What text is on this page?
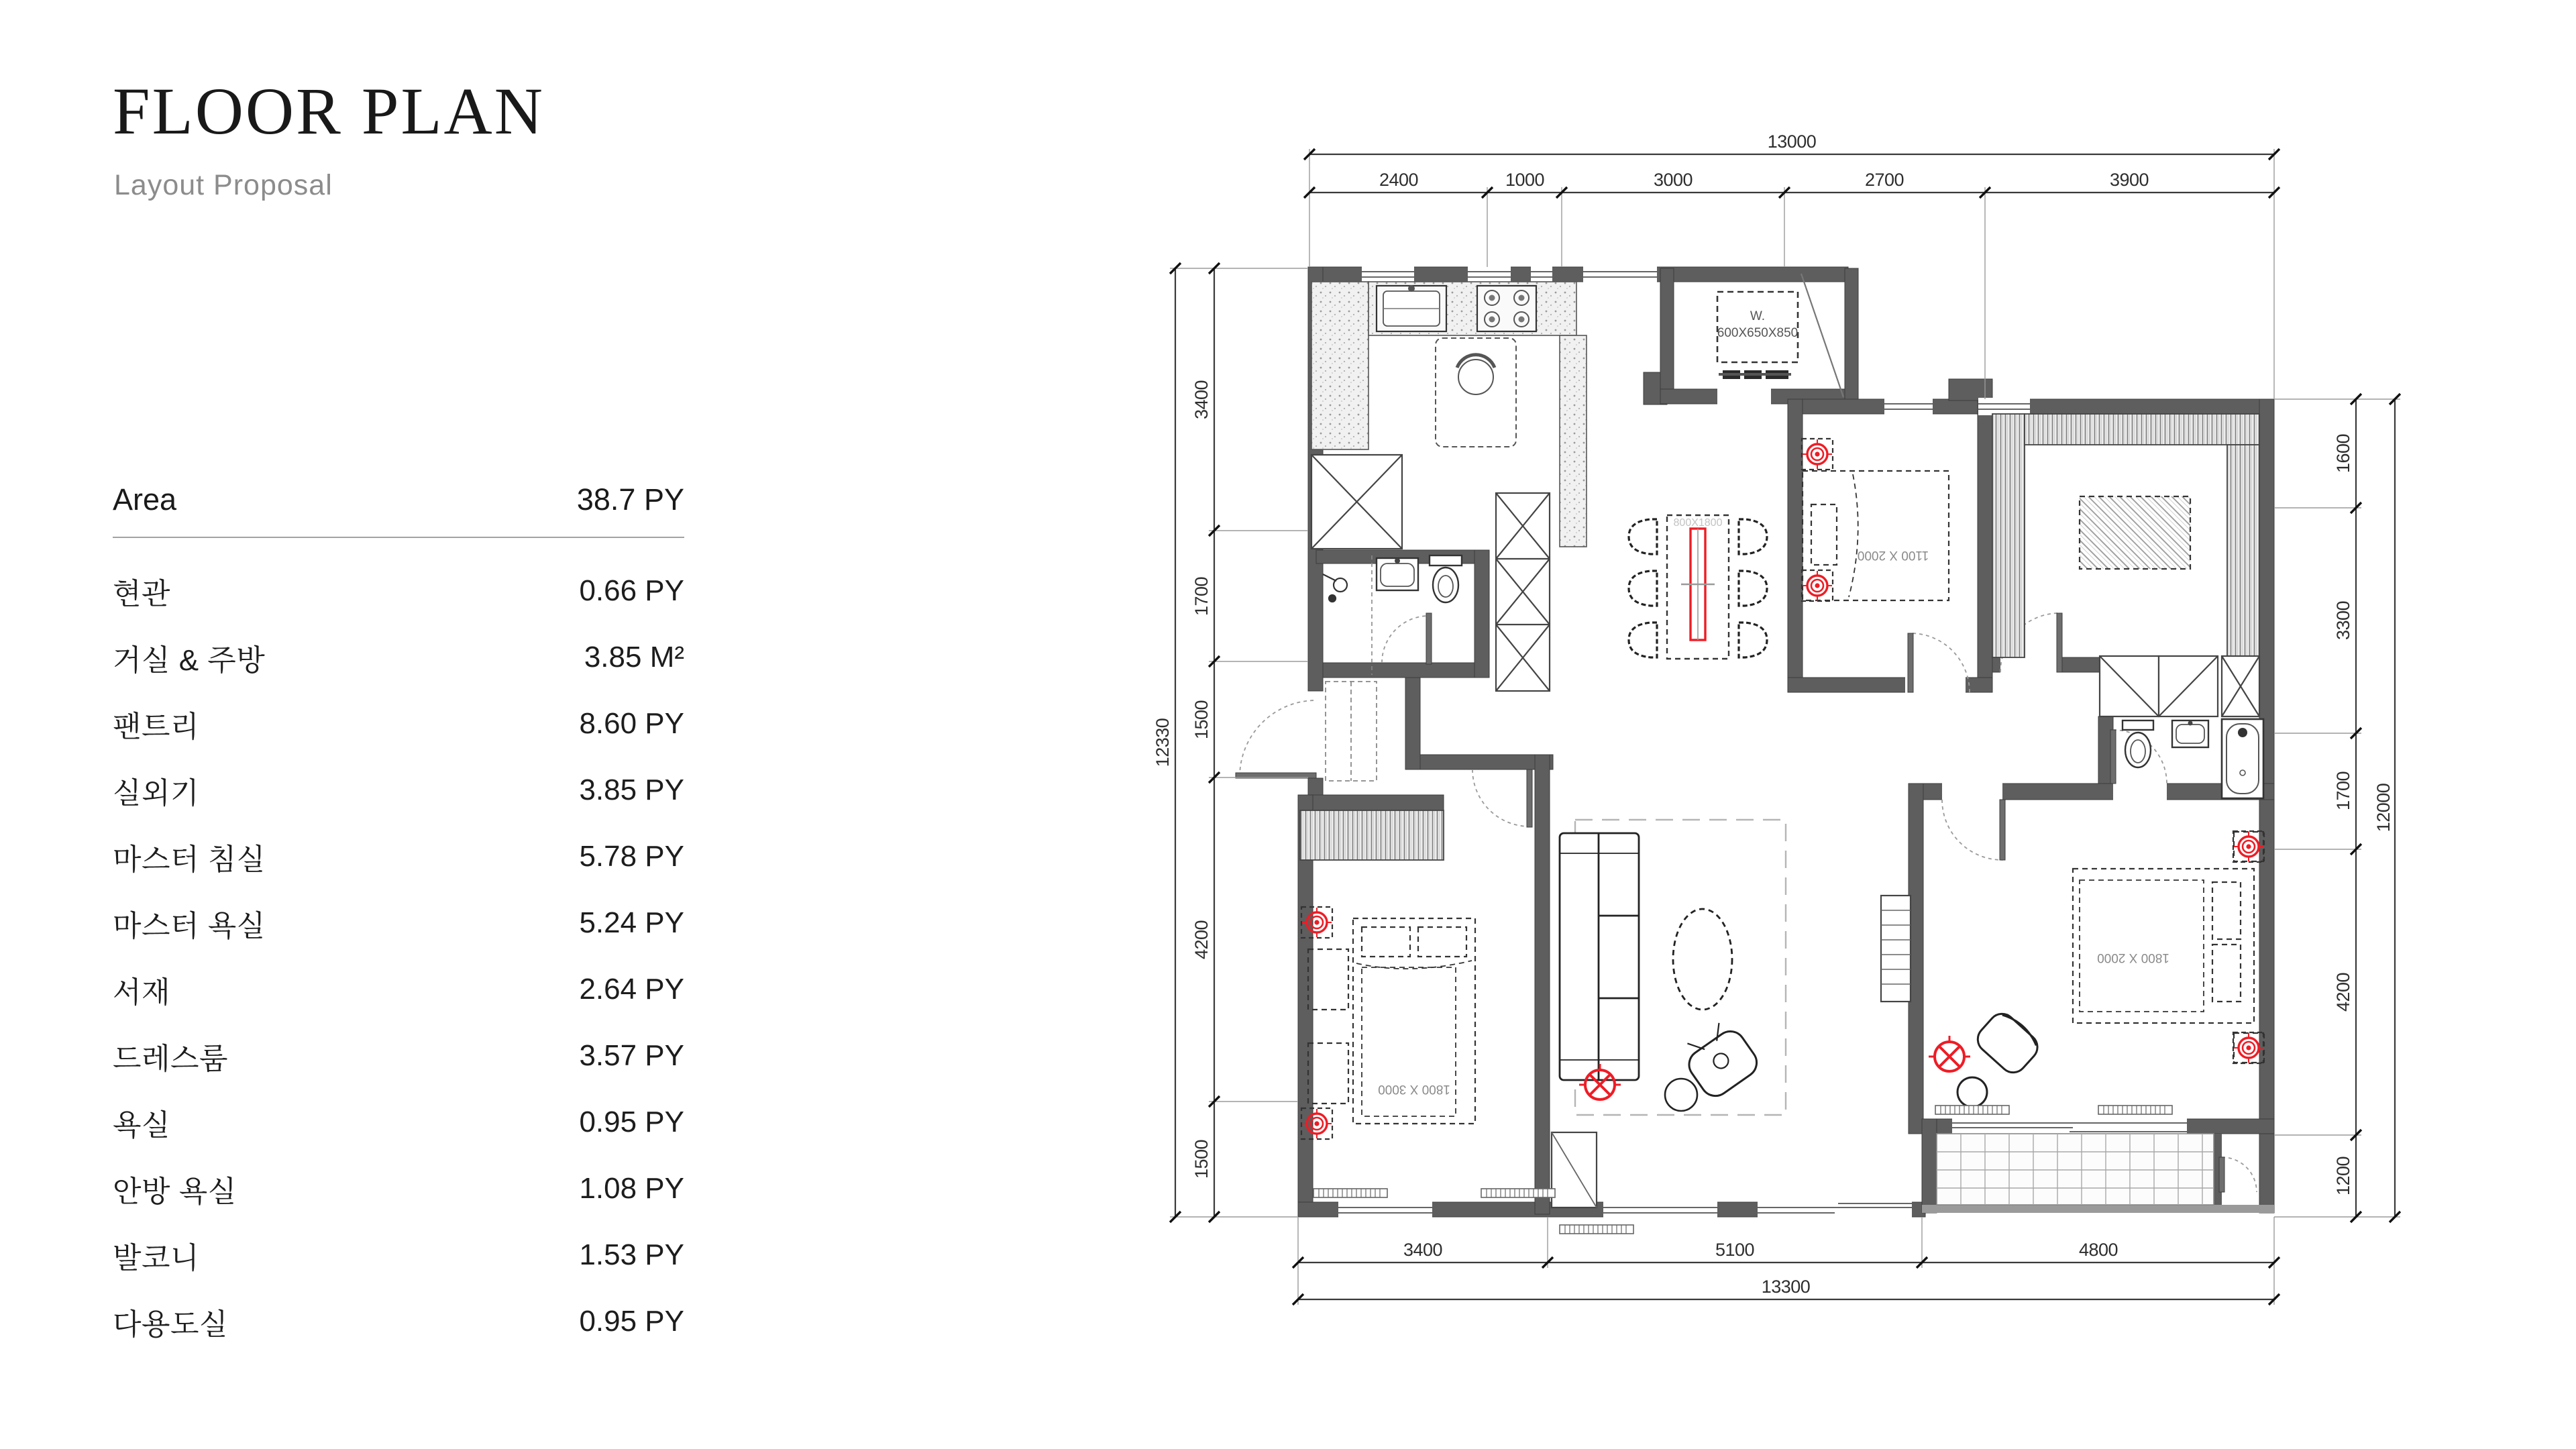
FLOOR PLAN
Layout Proposal
Area	38.7 PY
현관	0.66 PY
거실 & 주방	3.85 M²
팬트리	8.60 PY
실외기	3.85 PY
마스터 침실	5.78 PY
마스터 욕실	5.24 PY
서재	2.64 PY
드레스룸	3.57 PY
욕실	0.95 PY
안방 욕실	1.08 PY
발코니	1.53 PY
다용도실	0.95 PY
W.
600X650X850
800X1800
1100 X 2000
1800 X 2000
1800 X 3000
13000
2400	1000	3000	2700	3900
12330
3400
1700
1500
4200
1500
12000
1600
3300
1700
4200
1200
13300
3400	5100	4800
